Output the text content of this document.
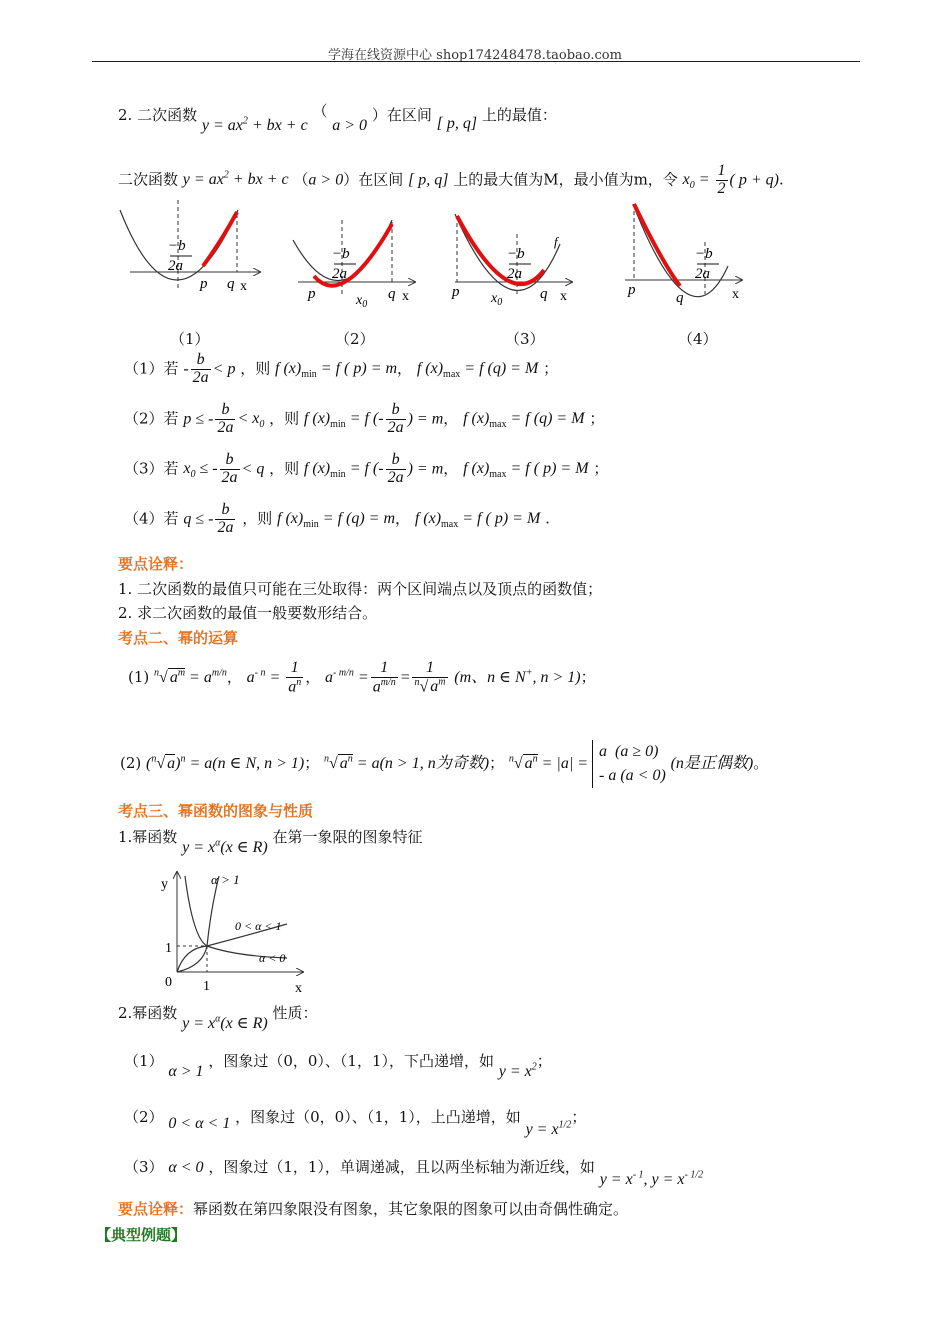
学海在线资源中心 shop174248478.taobao.com
2. 二次函数 $y = ax^2$ + bx + c （ a > 0 ）在区间 [ p, q] 上的最值：
二次函数 $y = ax^2$ + bx + c （a > 0）在区间 [ p, q] 上的最大值为M，最小值为m，令 $x_0 = \frac{1}{2}$ ( p + q).
−b
2a
p q x
−b
2a
p	$x_0$
q x
−b
2a
p $x_0$
q x
f
−b
2a
p	q	x
（1）	（2）	（3）	（4）
（1）若 - $\frac{b}{2a} < p$ ，则 f $(x)_{min} = f$ ( p) = m， f $(x)_{max} = f$ (q) = M ；
（2）若 p ≤ - $\frac{b}{2a} < x_0$ ，则 f $(x)_{min} = f$ (- $\frac{b}{2a}$ ) = m， f $(x)_{max} = f$ (q) = M ；
（3）若 $x_0$ ≤ - $\frac{b}{2a} < q$ ，则 f $(x)_{min} = f$ (- $\frac{b}{2a}$ ) = m， f $(x)_{max} = f$ ( p) = M ；
（4）若 q ≤ - $\frac{b}{2a}$ ，则 f $(x)_{min} = f$ (q) = m， f $(x)_{max} = f$ ( p) = M .
要点诠释：
1. 二次函数的最值只可能在三处取得：两个区间端点以及顶点的函数值；
2. 求二次函数的最值一般要数形结合。
考点二、幂的运算
(1) $^n$√ $a^m = a^{m/n}$， $a^{- n} = \frac{1}{a^n}$ ， $a^{- m/n} = \frac{1}{a^{m/n}} = \frac{1}{^n√ a^m} (m$、n ∈ N+, n > 1)；
(2) ($^n$√ a)$^n$ = a(n ∈ N, n > 1)； $^n$√ $a^n = a(n > 1$, n为奇数)； $^n$√ $a^n = |a| = a$  (a ≥ 0)
- a (a < 0) (n是正偶数)。
考点三、幂函数的图象与性质
1.幂函数 $y = x^\alpha(x$ ∈ R) 在第一象限的图象特征
y
x
1
1
0
α > 1
0 < α < 1
α < 0
2.幂函数 $y = x^\alpha(x$ ∈ R) 性质：
（1） α > 1 ，图象过（0，0）、（1，1），下凸递增，如 $y = x^2$；
（2） 0 < α < 1 ，图象过（0，0）、（1，1），上凸递增，如 $y = x^{1/2}$；
（3） α < 0 ，图象过（1，1），单调递减，且以两坐标轴为渐近线，如 $y = x^{- 1}$, $y = x^{- 1/2}$
要点诠释：幂函数在第四象限没有图象，其它象限的图象可以由奇偶性确定。
【典型例题】
